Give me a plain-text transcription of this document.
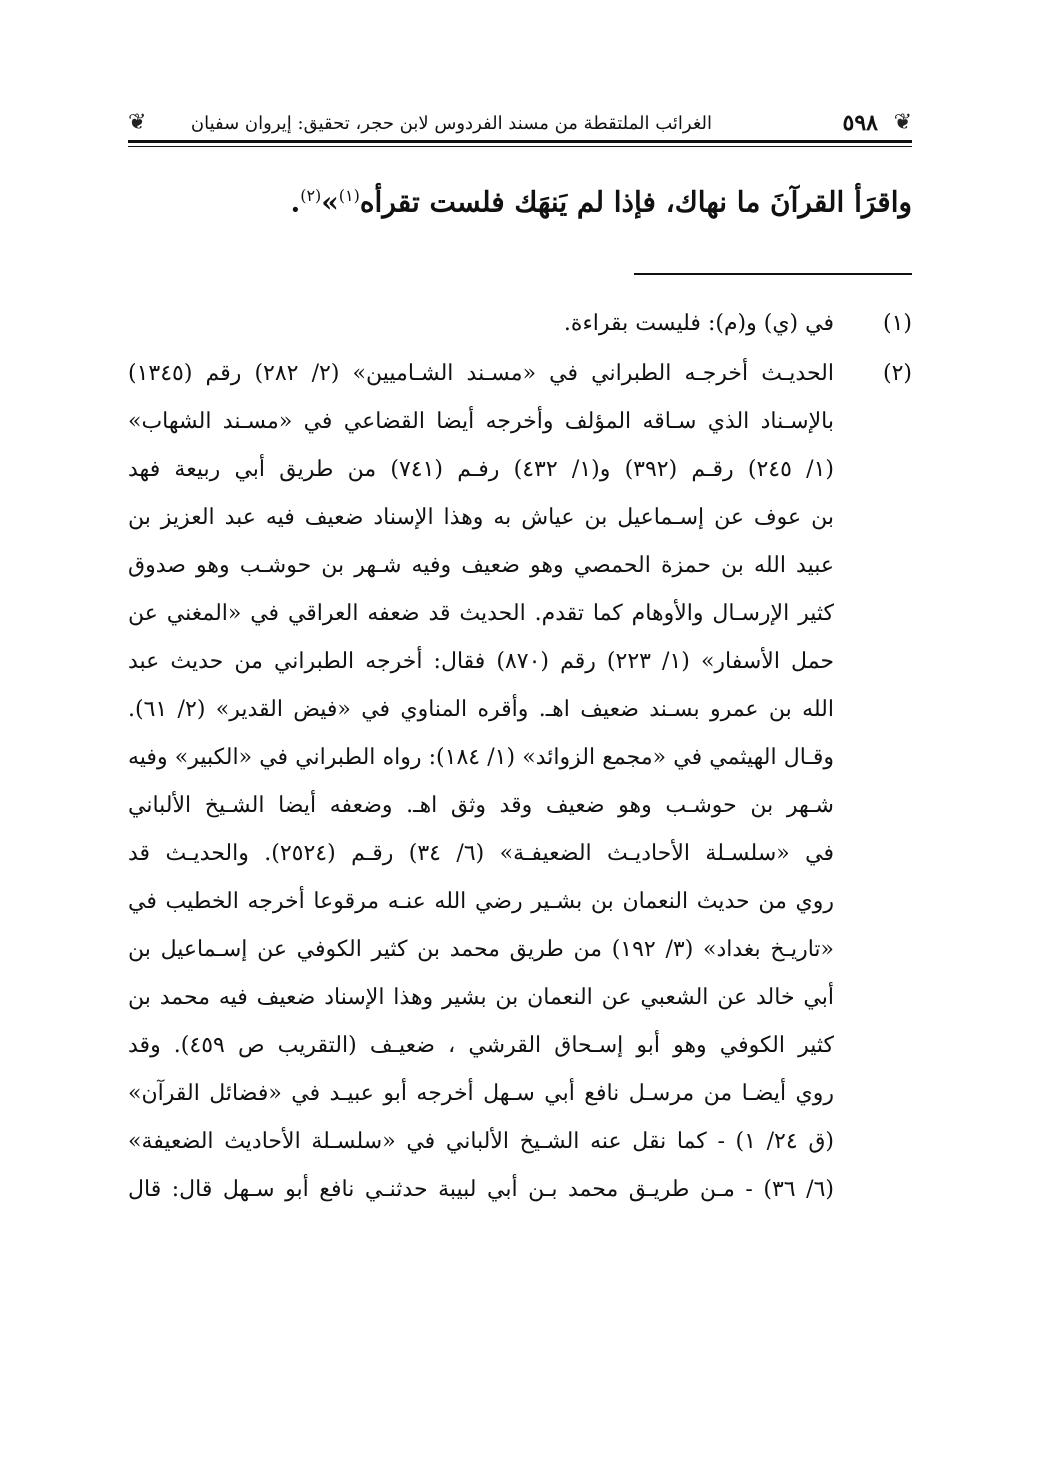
❦
٥٩٨
الغرائب الملتقطة من مسند الفردوس لابن حجر، تحقيق: إيروان سفيان
❦
واقرَأ القرآنَ ما نهاك، فإذا لم يَنهَك فلست تقرأه$^{(١)}$»$^{(٢)}$.
(١)
في (ي) و(م): فليست بقراءة.
(٢)
الحديـث أخرجـه الطبراني في «مسـند الشـاميين» (٢/ ٢٨٢) رقم (١٣٤٥)
بالإسـناد الذي سـاقه المؤلف وأخرجه أيضا القضاعي في «مسـند الشهاب»
(١/ ٢٤٥) رقـم (٣٩٢) و(١/ ٤٣٢) رفـم (٧٤١) من طريق أبي ربيعة فهد
بن عوف عن إسـماعيل بن عياش به وهذا الإسناد ضعيف فيه عبد العزيز بن
عبيد الله بن حمزة الحمصي وهو ضعيف وفيه شـهر بن حوشـب وهو صدوق
كثير الإرسـال والأوهام كما تقدم. الحديث قد ضعفه العراقي في «المغني عن
حمل الأسفار» (١/ ٢٢٣) رقم (٨٧٠) فقال: أخرجه الطبراني من حديث عبد
الله بن عمرو بسـند ضعيف اهـ. وأقره المناوي في «فيض القدير» (٢/ ٦١).
وقـال الهيثمي في «مجمع الزوائد» (١/ ١٨٤): رواه الطبراني في «الكبير» وفيه
شـهر بن حوشـب وهو ضعيف وقد وثق اهـ. وضعفه أيضا الشـيخ الألباني
في «سلسـلة الأحاديـث الضعيفـة» (٦/ ٣٤) رقـم (٢٥٢٤). والحديـث قد
روي من حديث النعمان بن بشـير رضي الله عنـه مرقوعا أخرجه الخطيب في
«تاريـخ بغداد» (٣/ ١٩٢) من طريق محمد بن كثير الكوفي عن إسـماعيل بن
أبي خالد عن الشعبي عن النعمان بن بشير وهذا الإسناد ضعيف فيه محمد بن
كثير الكوفي وهو أبو إسـحاق القرشي ، ضعيـف (التقريب ص ٤٥٩). وقد
روي أيضـا من مرسـل نافع أبي سـهل أخرجه أبو عبيـد في «فضائل القرآن»
(ق ٢٤/ ١) - كما نقل عنه الشـيخ الألباني في «سلسـلة الأحاديث الضعيفة»
(٦/ ٣٦) - مـن طريـق محمد بـن أبي لبيبة حدثنـي نافع أبو سـهل قال: قال
